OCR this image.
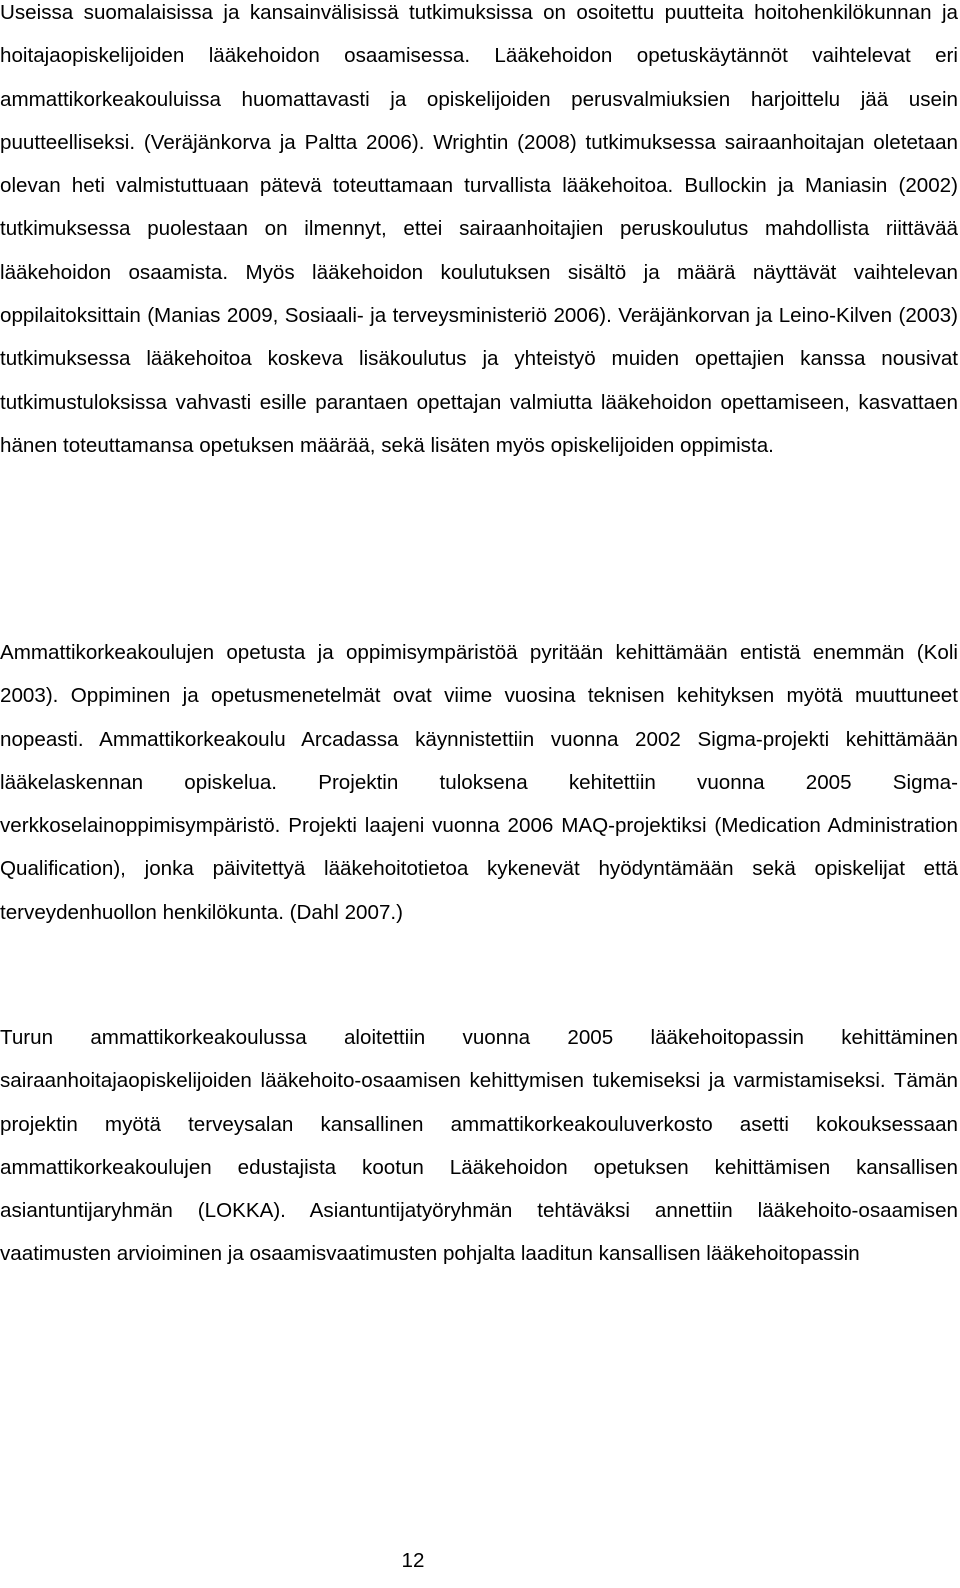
Useissa suomalaisissa ja kansainvälisissä tutkimuksissa on osoitettu puutteita hoitohenkilökunnan ja hoitajaopiskelijoiden lääkehoidon osaamisessa. Lääkehoidon opetuskäytännöt vaihtelevat eri ammattikorkeakouluissa huomattavasti ja opiskelijoiden perusvalmiuksien harjoittelu jää usein puutteelliseksi. (Veräjänkorva ja Paltta 2006). Wrightin (2008) tutkimuksessa sairaanhoitajan oletetaan olevan heti valmistuttuaan pätevä toteuttamaan turvallista lääkehoitoa. Bullockin ja Maniasin (2002) tutkimuksessa puolestaan on ilmennyt, ettei sairaanhoitajien peruskoulutus mahdollista riittävää lääkehoidon osaamista. Myös lääkehoidon koulutuksen sisältö ja määrä näyttävät vaihtelevan oppilaitoksittain (Manias 2009, Sosiaali- ja terveysministeriö 2006). Veräjänkorvan ja Leino-Kilven (2003) tutkimuksessa lääkehoitoa koskeva lisäkoulutus ja yhteistyö muiden opettajien kanssa nousivat tutkimustuloksissa vahvasti esille parantaen opettajan valmiutta lääkehoidon opettamiseen, kasvattaen hänen toteuttamansa opetuksen määrää, sekä lisäten myös opiskelijoiden oppimista.

Ammattikorkeakoulujen opetusta ja oppimisympäristöä pyritään kehittämään entistä enemmän (Koli 2003). Oppiminen ja opetusmenetelmät ovat viime vuosina teknisen kehityksen myötä muuttuneet nopeasti. Ammattikorkeakoulu Arcadassa käynnistettiin vuonna 2002 Sigma-projekti kehittämään lääkelaskennan opiskelua. Projektin tuloksena kehitettiin vuonna 2005 Sigma-verkkoselainoppimisympäristö. Projekti laajeni vuonna 2006 MAQ-projektiksi (Medication Administration Qualification), jonka päivitettyä lääkehoitotietoa kykenevät hyödyntämään sekä opiskelijat että terveydenhuollon henkilökunta. (Dahl 2007.)

Turun ammattikorkeakoulussa aloitettiin vuonna 2005 lääkehoitopassin kehittäminen sairaanhoitajaopiskelijoiden lääkehoito-osaamisen kehittymisen tukemiseksi ja varmistamiseksi. Tämän projektin myötä terveysalan kansallinen ammattikorkeakouluverkosto asetti kokouksessaan ammattikorkeakoulujen edustajista kootun Lääkehoidon opetuksen kehittämisen kansallisen asiantuntijaryhmän (LOKKA). Asiantuntijatyöryhmän tehtäväksi annettiin lääkehoito-osaamisen vaatimusten arvioiminen ja osaamisvaatimusten pohjalta laaditun kansallisen lääkehoitopassin

12
